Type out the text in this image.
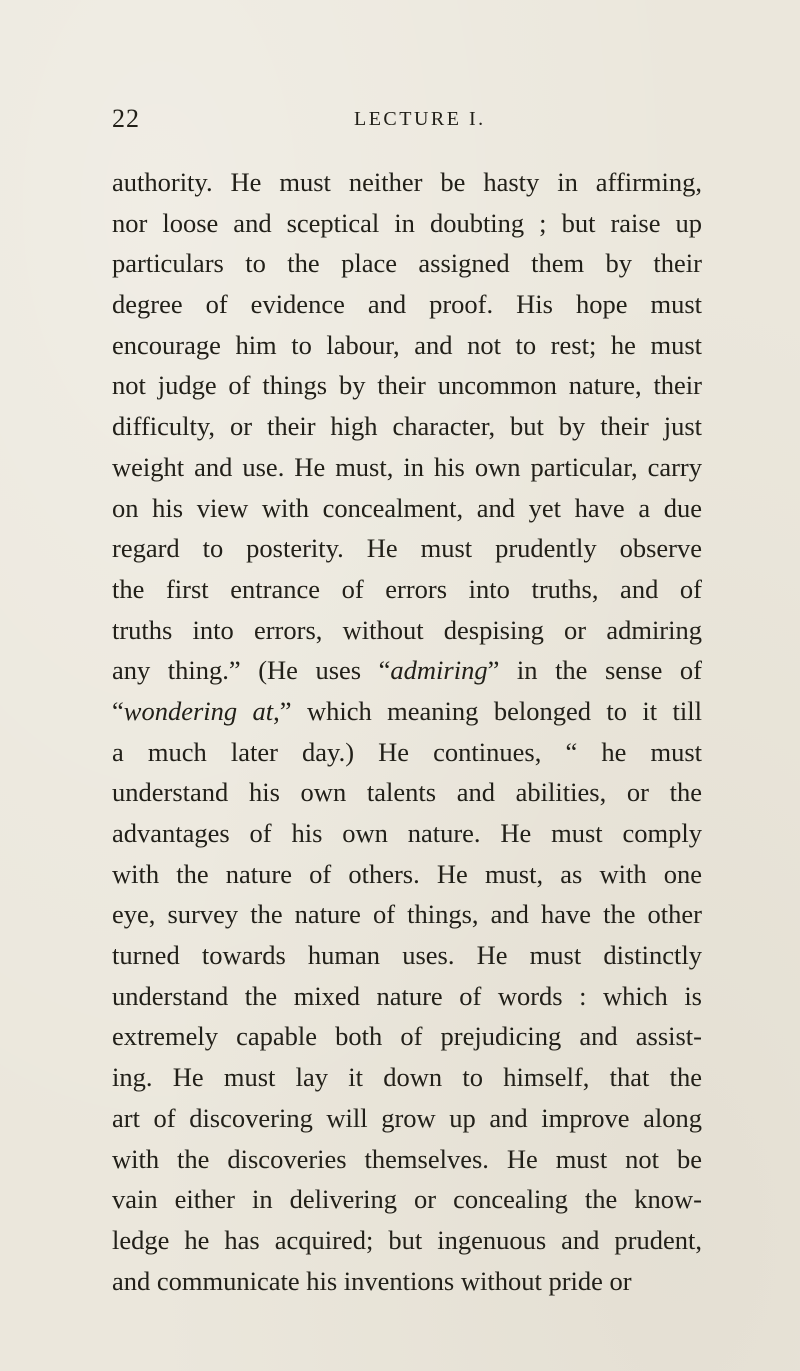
22	LECTURE I.
authority. He must neither be hasty in affirming,
nor loose and sceptical in doubting ; but raise up
particulars to the place assigned them by their
degree of evidence and proof. His hope must
encourage him to labour, and not to rest; he must
not judge of things by their uncommon nature, their
difficulty, or their high character, but by their just
weight and use. He must, in his own particular, carry
on his view with concealment, and yet have a due
regard to posterity. He must prudently observe
the first entrance of errors into truths, and of
truths into errors, without despising or admiring
any thing.” (He uses “admiring” in the sense of
“wondering at,” which meaning belonged to it till
a much later day.) He continues, “ he must
understand his own talents and abilities, or the
advantages of his own nature. He must comply
with the nature of others. He must, as with one
eye, survey the nature of things, and have the other
turned towards human uses. He must distinctly
understand the mixed nature of words : which is
extremely capable both of prejudicing and assist-
ing. He must lay it down to himself, that the
art of discovering will grow up and improve along
with the discoveries themselves. He must not be
vain either in delivering or concealing the know-
ledge he has acquired; but ingenuous and prudent,
and communicate his inventions without pride or
